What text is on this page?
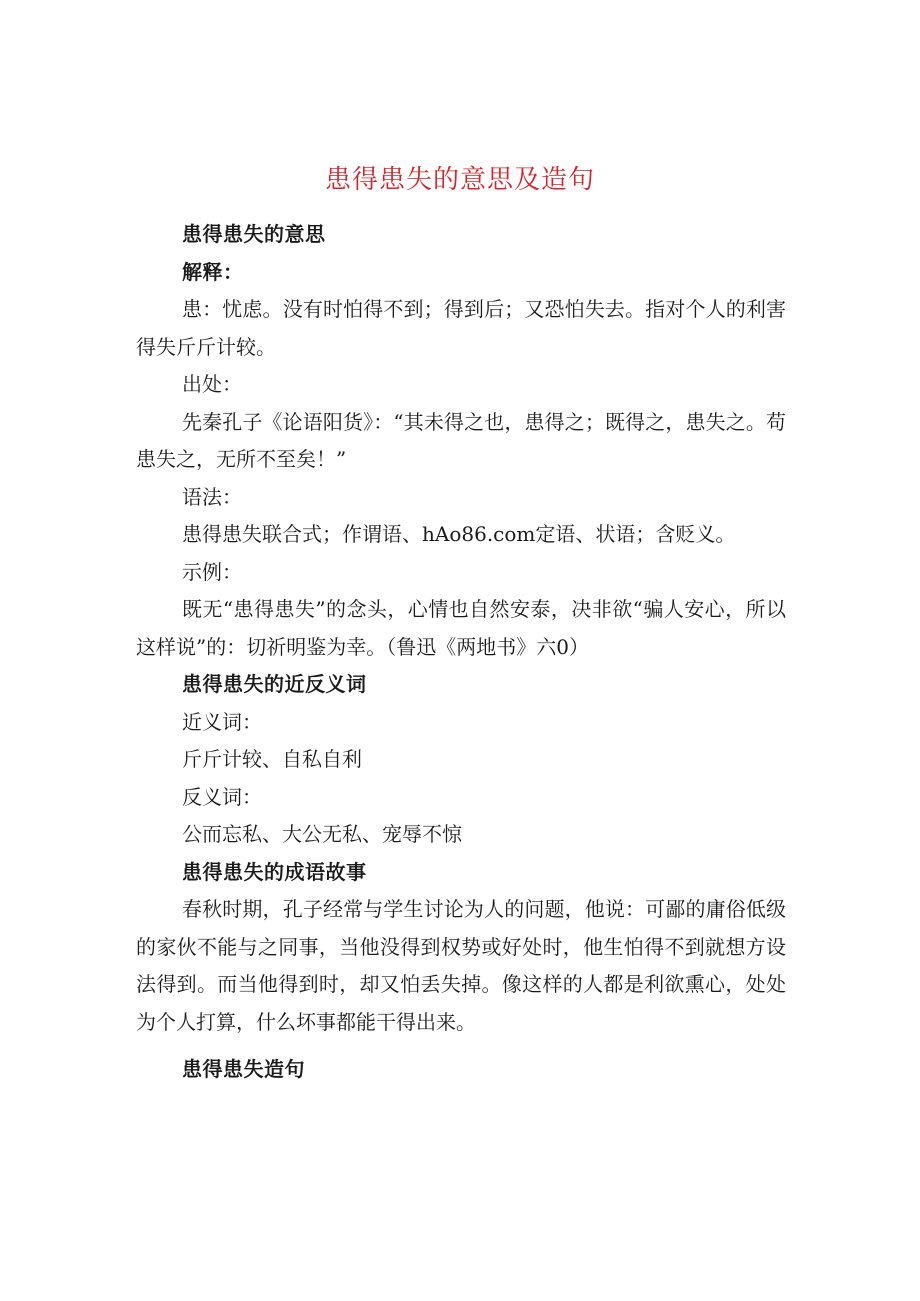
患得患失的意思及造句

患得患失的意思

解释：

患：忧虑。没有时怕得不到；得到后；又恐怕失去。指对个人的利害得失斤斤计较。

出处：

先秦孔子《论语阳货》：“其未得之也，患得之；既得之，患失之。苟患失之，无所不至矣！”

语法：

患得患失联合式；作谓语、hAo86.com定语、状语；含贬义。

示例：

既无“患得患失”的念头，心情也自然安泰，决非欲“骗人安心，所以这样说”的：切祈明鉴为幸。（鲁迅《两地书》六0）

患得患失的近反义词

近义词：

斤斤计较、自私自利

反义词：

公而忘私、大公无私、宠辱不惊

患得患失的成语故事

春秋时期，孔子经常与学生讨论为人的问题，他说：可鄙的庸俗低级的家伙不能与之同事，当他没得到权势或好处时，他生怕得不到就想方设法得到。而当他得到时，却又怕丢失掉。像这样的人都是利欲熏心，处处为个人打算，什么坏事都能干得出来。

患得患失造句
